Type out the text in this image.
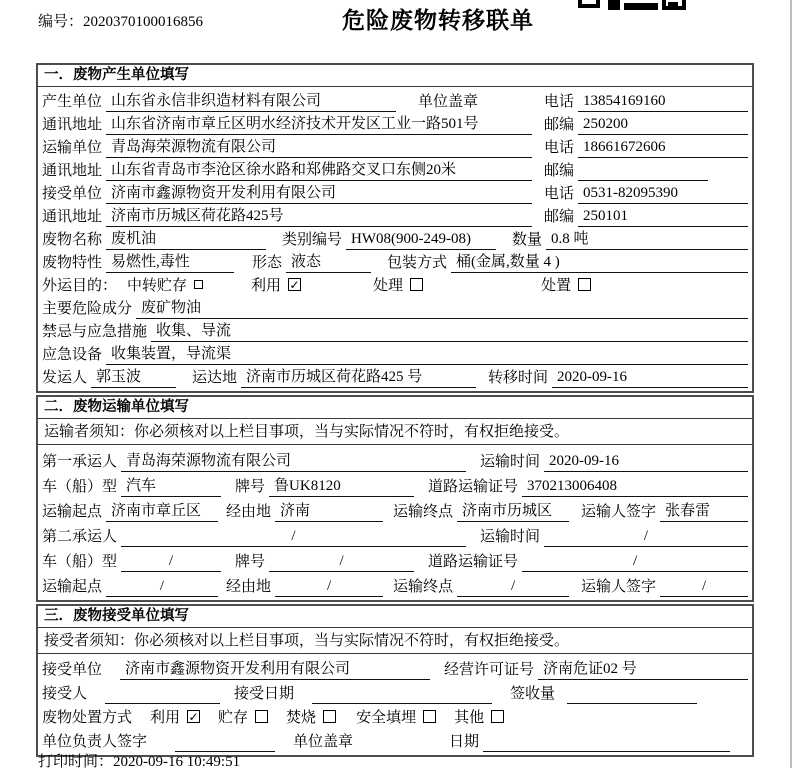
编号：2020370100016856	危险废物转移联单
一．废物产生单位填写
产生单位 山东省永信非织造材料有限公司	单位盖章	电话 13854169160
通讯地址 山东省济南市章丘区明水经济技术开发区工业一路501号	邮编 250200
运输单位 青岛海荣源物流有限公司	电话 18661672606
通讯地址 山东省青岛市李沧区徐水路和郑佛路交叉口东侧20米	邮编
接受单位 济南市鑫源物资开发利用有限公司	电话 0531-82095390
通讯地址 济南市历城区荷花路425号	邮编 250101
废物名称 废机油	类别编号 HW08(900-249-08)	数量 0.8 吨
废物特性 易燃性,毒性	形态 液态	包装方式 桶(金属,数量 4 )
外运目的： 中转贮存	利用 ✓	处理	处置
主要危险成分 废矿物油
禁忌与应急措施 收集、导流
应急设备 收集装置，导流渠
发运人 郭玉波	运达地 济南市历城区荷花路425 号	转移时间 2020-09-16
二．废物运输单位填写
运输者须知：你必须核对以上栏目事项，当与实际情况不符时，有权拒绝接受。
第一承运人 青岛海荣源物流有限公司	运输时间 2020-09-16
车（船）型 汽车	牌号 鲁UK8120	道路运输证号 370213006408
运输起点 济南市章丘区	经由地 济南	运输终点 济南市历城区	运输人签字 张春雷
第二承运人	/	运输时间	/
车（船）型	/	牌号	/	道路运输证号	/
运输起点	/	经由地	/	运输终点	/	运输人签字	/
三．废物接受单位填写
接受者须知：你必须核对以上栏目事项，当与实际情况不符时，有权拒绝接受。
接受单位	济南市鑫源物资开发利用有限公司	经营许可证号 济南危证02 号
接受人	接受日期	签收量
废物处置方式 利用 ✓ 贮存	焚烧	安全填埋	其他
单位负责人签字	单位盖章	日期
打印时间：2020-09-16 10:49:51
